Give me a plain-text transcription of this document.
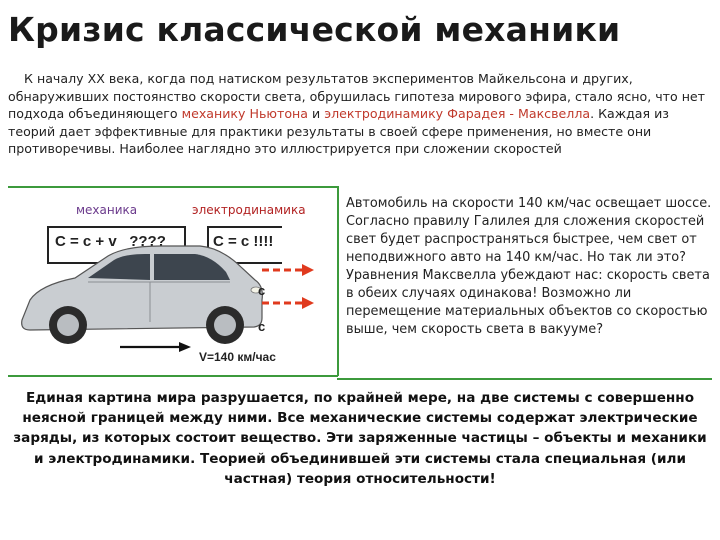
Кризис классической механики
К началу XX века, когда под натиском результатов экспериментов Майкельсона и других, обнаруживших постоянство скорости света, обрушилась гипотеза мирового эфира, стало ясно, что нет подхода объединяющего механику Ньютона и электродинамику Фарадея - Максвелла. Каждая из теорий дает эффективные для практики результаты в своей сфере применения, но вместе они противоречивы. Наиболее наглядно это иллюстрируется при сложении скоростей
механика	электродинамика
C = c + v   ????	C = c !!!!
c
c
V=140 км/час
Автомобиль на скорости 140 км/час освещает шоссе. Согласно правилу Галилея для сложения скоростей свет будет распространяться быстрее, чем свет от неподвижного авто на 140 км/час. Но так ли это? Уравнения Максвелла убеждают нас: скорость света в обеих случаях одинакова! Возможно ли перемещение материальных объектов со скоростью выше, чем скорость света в вакууме?
Единая картина мира разрушается, по крайней мере, на две системы с совершенно неясной границей между ними. Все механические системы содержат электрические заряды, из которых состоит вещество. Эти заряженные частицы – объекты и механики и электродинамики. Теорией объединившей эти системы стала специальная (или частная) теория относительности!
